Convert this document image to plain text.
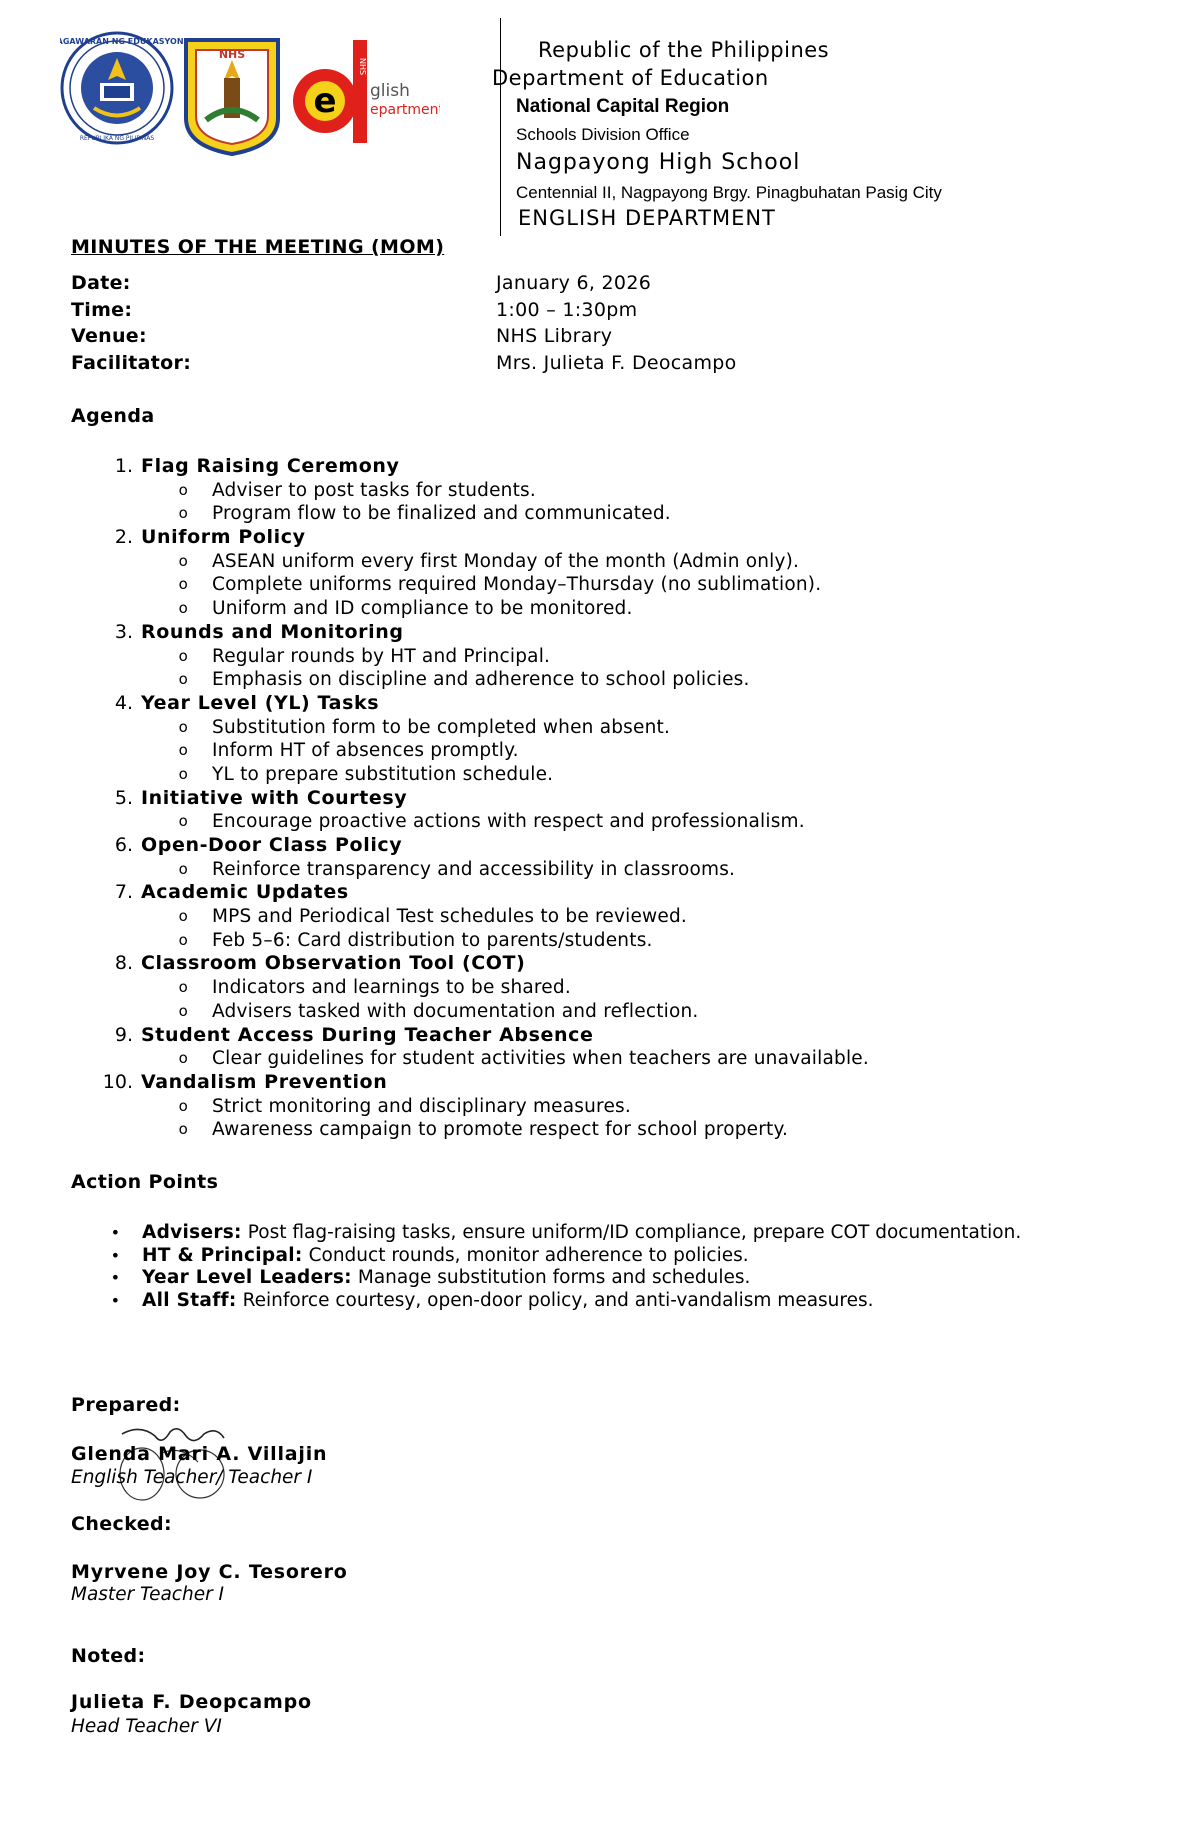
KAGAWARAN NG EDUKASYON
REPUBLIKA NG PILIPINAS
NHS
e glish
epartment
NHS
Republic of the Philippines
Department of Education
National Capital Region
Schools Division Office
Nagpayong High School
Centennial II, Nagpayong Brgy. Pinagbuhatan Pasig City
ENGLISH DEPARTMENT
MINUTES OF THE MEETING (MOM)
Date:	January 6, 2026
Time:	1:00 – 1:30pm
Venue:	NHS Library
Facilitator:	Mrs. Julieta F. Deocampo
Agenda
1. Flag Raising Ceremony
o	Adviser to post tasks for students.
o	Program flow to be finalized and communicated.
2. Uniform Policy
o	ASEAN uniform every first Monday of the month (Admin only).
o	Complete uniforms required Monday–Thursday (no sublimation).
o	Uniform and ID compliance to be monitored.
3. Rounds and Monitoring
o	Regular rounds by HT and Principal.
o	Emphasis on discipline and adherence to school policies.
4. Year Level (YL) Tasks
o	Substitution form to be completed when absent.
o	Inform HT of absences promptly.
o	YL to prepare substitution schedule.
5. Initiative with Courtesy
o	Encourage proactive actions with respect and professionalism.
6. Open-Door Class Policy
o	Reinforce transparency and accessibility in classrooms.
7. Academic Updates
o	MPS and Periodical Test schedules to be reviewed.
o	Feb 5–6: Card distribution to parents/students.
8. Classroom Observation Tool (COT)
o	Indicators and learnings to be shared.
o	Advisers tasked with documentation and reflection.
9. Student Access During Teacher Absence
o	Clear guidelines for student activities when teachers are unavailable.
10. Vandalism Prevention
o	Strict monitoring and disciplinary measures.
o	Awareness campaign to promote respect for school property.
Action Points
•	Advisers: Post flag-raising tasks, ensure uniform/ID compliance, prepare COT documentation.
•	HT & Principal: Conduct rounds, monitor adherence to policies.
•	Year Level Leaders: Manage substitution forms and schedules.
•	All Staff: Reinforce courtesy, open-door policy, and anti-vandalism measures.
Prepared:
Glenda Mari A. Villajin
English Teacher/ Teacher I
Checked:
Myrvene Joy C. Tesorero
Master Teacher I
Noted:
Julieta F. Deopcampo
Head Teacher VI
